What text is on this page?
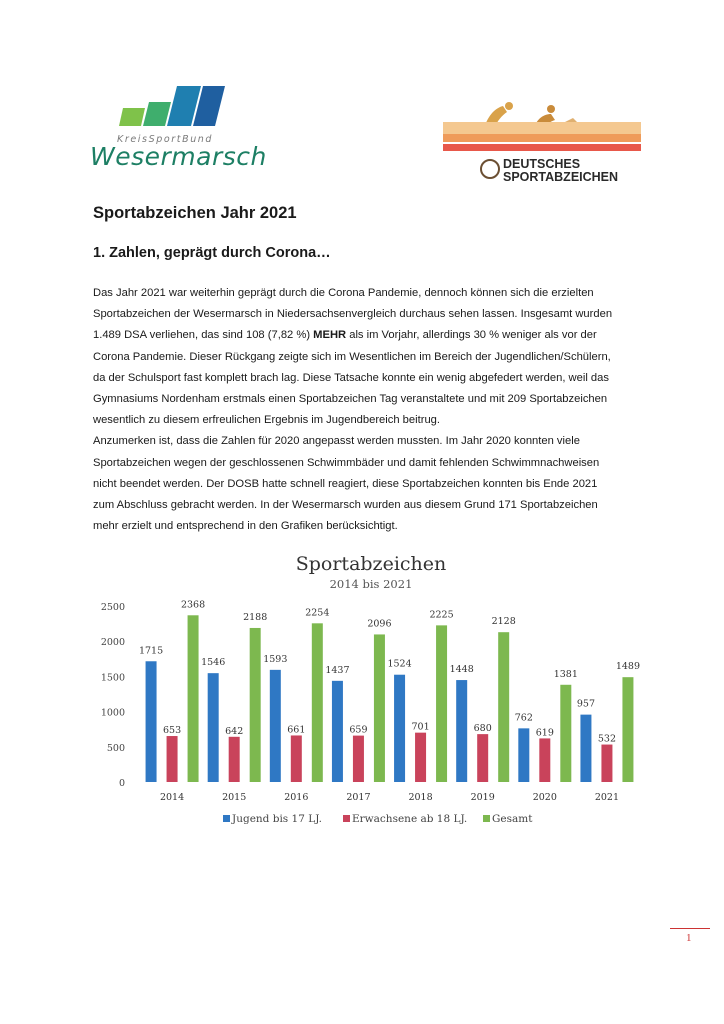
KreisSportBund
Wesermarsch	DEUTSCHES
SPORTABZEICHEN
Sportabzeichen Jahr 2021
1. Zahlen, geprägt durch Corona…
Das Jahr 2021 war weiterhin geprägt durch die Corona Pandemie, dennoch können sich die erzielten
Sportabzeichen der Wesermarsch in Niedersachsenvergleich durchaus sehen lassen. Insgesamt wurden
1.489 DSA verliehen, das sind 108 (7,82 %) MEHR als im Vorjahr, allerdings 30 % weniger als vor der
Corona Pandemie. Dieser Rückgang zeigte sich im Wesentlichen im Bereich der Jugendlichen/Schülern,
da der Schulsport fast komplett brach lag. Diese Tatsache konnte ein wenig abgefedert werden, weil das
Gymnasiums Nordenham erstmals einen Sportabzeichen Tag veranstaltete und mit 209 Sportabzeichen
wesentlich zu diesem erfreulichen Ergebnis im Jugendbereich beitrug.
Anzumerken ist, dass die Zahlen für 2020 angepasst werden mussten. Im Jahr 2020 konnten viele
Sportabzeichen wegen der geschlossenen Schwimmbäder und damit fehlenden Schwimmnachweisen
nicht beendet werden. Der DOSB hatte schnell reagiert, diese Sportabzeichen konnten bis Ende 2021
zum Abschluss gebracht werden. In der Wesermarsch wurden aus diesem Grund 171 Sportabzeichen
mehr erzielt und entsprechend in den Grafiken berücksichtigt.
Sportabzeichen
2014 bis 2021
0
500
1000
1500
2000
2500
1715
653
2368
2014
1546
642
2188
2015
1593
661
2254
2016
1437
659
2096
2017
1524
701
2225
2018
1448
680
2128
2019
762
619
1381
2020
957
532
1489
2021
Jugend bis 17 LJ.	Erwachsene ab 18 LJ. Gesamt
1
